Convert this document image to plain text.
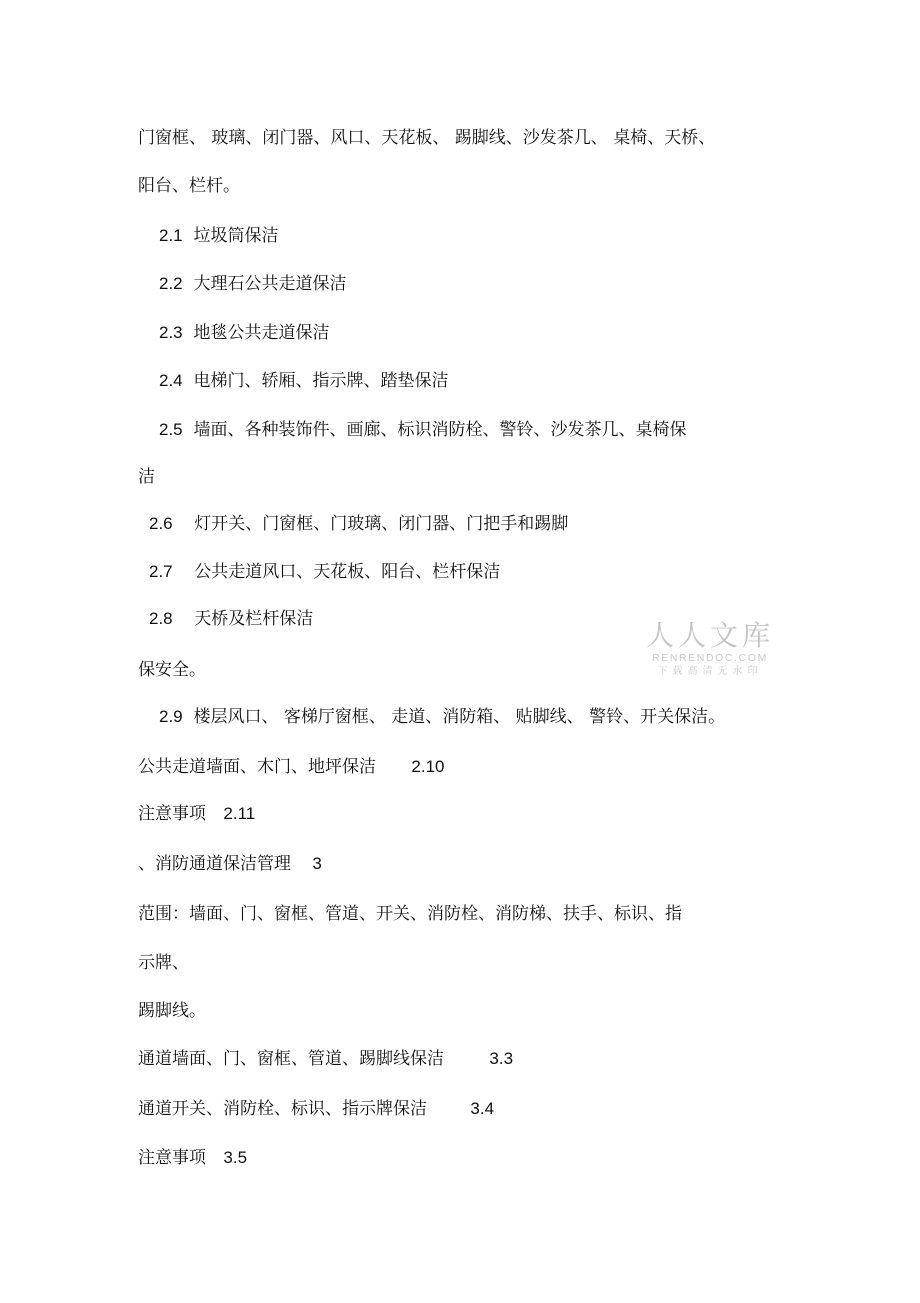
门窗框、 玻璃、闭门器、风口、天花板、 踢脚线、沙发茶几、 桌椅、天桥、
阳台、栏杆。
2.1 垃圾筒保洁
2.2 大理石公共走道保洁
2.3 地毯公共走道保洁
2.4 电梯门、轿厢、指示牌、踏垫保洁
2.5 墙面、各种装饰件、画廊、标识消防栓、警铃、沙发茶几、桌椅保
洁
2.6 灯开关、门窗框、门玻璃、闭门器、门把手和踢脚
2.7 公共走道风口、天花板、阳台、栏杆保洁
2.8 天桥及栏杆保洁
保安全。
2.9 楼层风口、 客梯厅窗框、 走道、消防箱、 贴脚线、 警铃、开关保洁。
公共走道墙面、木门、地坪保洁 2.10
注意事项 2.11
、消防通道保洁管理 3
范围：墙面、门、窗框、管道、开关、消防栓、消防梯、扶手、标识、指
示牌、
踢脚线。
通道墙面、门、窗框、管道、踢脚线保洁	3.3
通道开关、消防栓、标识、指示牌保洁	3.4
注意事项 3.5
人人文库
RENRENDOC.COM
下载高清无水印
